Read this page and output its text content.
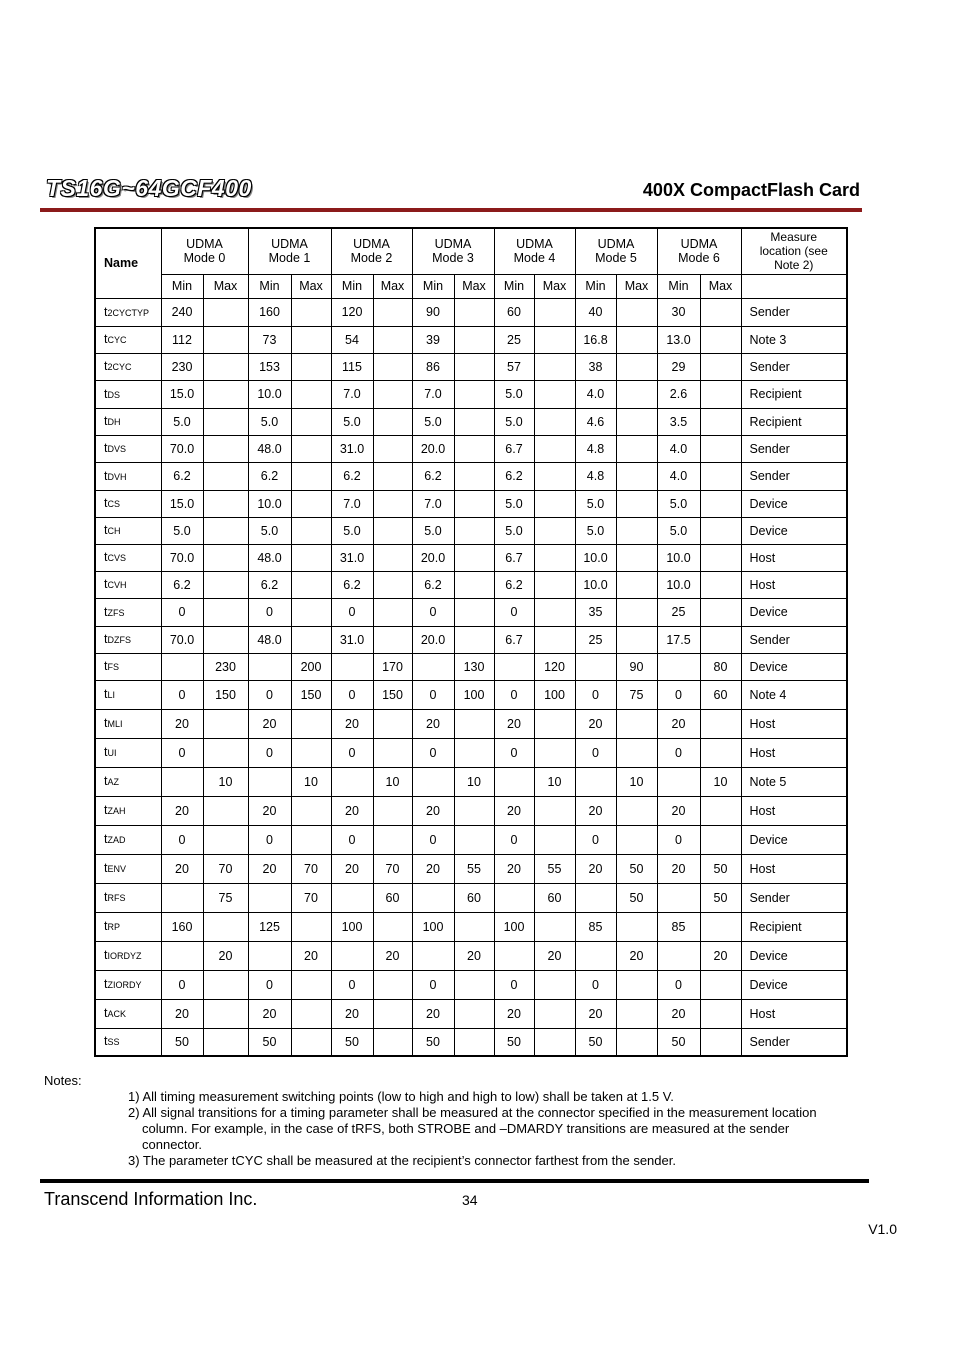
TS16G~64GCF400	400X CompactFlash Card
Name	UDMA Mode 0		UDMA Mode 1		UDMA Mode 2		UDMA Mode 3		UDMA Mode 4		UDMA Mode 5		UDMA Mode 6		Measure location (see Note 2)
	Min	Max	Min	Max	Min	Max	Min	Max	Min	Max	Min	Max	Min	Max	
t2CYCTYP	240		160		120		90		60		40		30		Sender
tCYC	112		73		54		39		25		16.8		13.0		Note 3
t2CYC	230		153		115		86		57		38		29		Sender
tDS	15.0		10.0		7.0		7.0		5.0		4.0		2.6		Recipient
tDH	5.0		5.0		5.0		5.0		5.0		4.6		3.5		Recipient
tDVS	70.0		48.0		31.0		20.0		6.7		4.8		4.0		Sender
tDVH	6.2		6.2		6.2		6.2		6.2		4.8		4.0		Sender
tCS	15.0		10.0		7.0		7.0		5.0		5.0		5.0		Device
tCH	5.0		5.0		5.0		5.0		5.0		5.0		5.0		Device
tCVS	70.0		48.0		31.0		20.0		6.7		10.0		10.0		Host
tCVH	6.2		6.2		6.2		6.2		6.2		10.0		10.0		Host
tZFS	0		0		0		0		0		35		25		Device
tDZFS	70.0		48.0		31.0		20.0		6.7		25		17.5		Sender
tFS		230		200		170		130		120		90		80	Device
tLI	0	150	0	150	0	150	0	100	0	100	0	75	0	60	Note 4
tMLI	20		20		20		20		20		20		20		Host
tUI	0		0		0		0		0		0		0		Host
tAZ		10		10		10		10		10		10		10	Note 5
tZAH	20		20		20		20		20		20		20		Host
tZAD	0		0		0		0		0		0		0		Device
tENV	20	70	20	70	20	70	20	55	20	55	20	50	20	50	Host
tRFS		75		70		60		60		60		50		50	Sender
tRP	160		125		100		100		100		85		85		Recipient
tIORDYZ		20		20		20		20		20		20		20	Device
tZIORDY	0		0		0		0		0		0		0		Device
tACK	20		20		20		20		20		20		20		Host
tSS	50		50		50		50		50		50		50		Sender
Notes:
1) All timing measurement switching points (low to high and high to low) shall be taken at 1.5 V.
2) All signal transitions for a timing parameter shall be measured at the connector specified in the measurement location
column. For example, in the case of tRFS, both STROBE and –DMARDY transitions are measured at the sender
connector.
3) The parameter tCYC shall be measured at the recipient’s connector farthest from the sender.
Transcend Information Inc.	34
V1.0
